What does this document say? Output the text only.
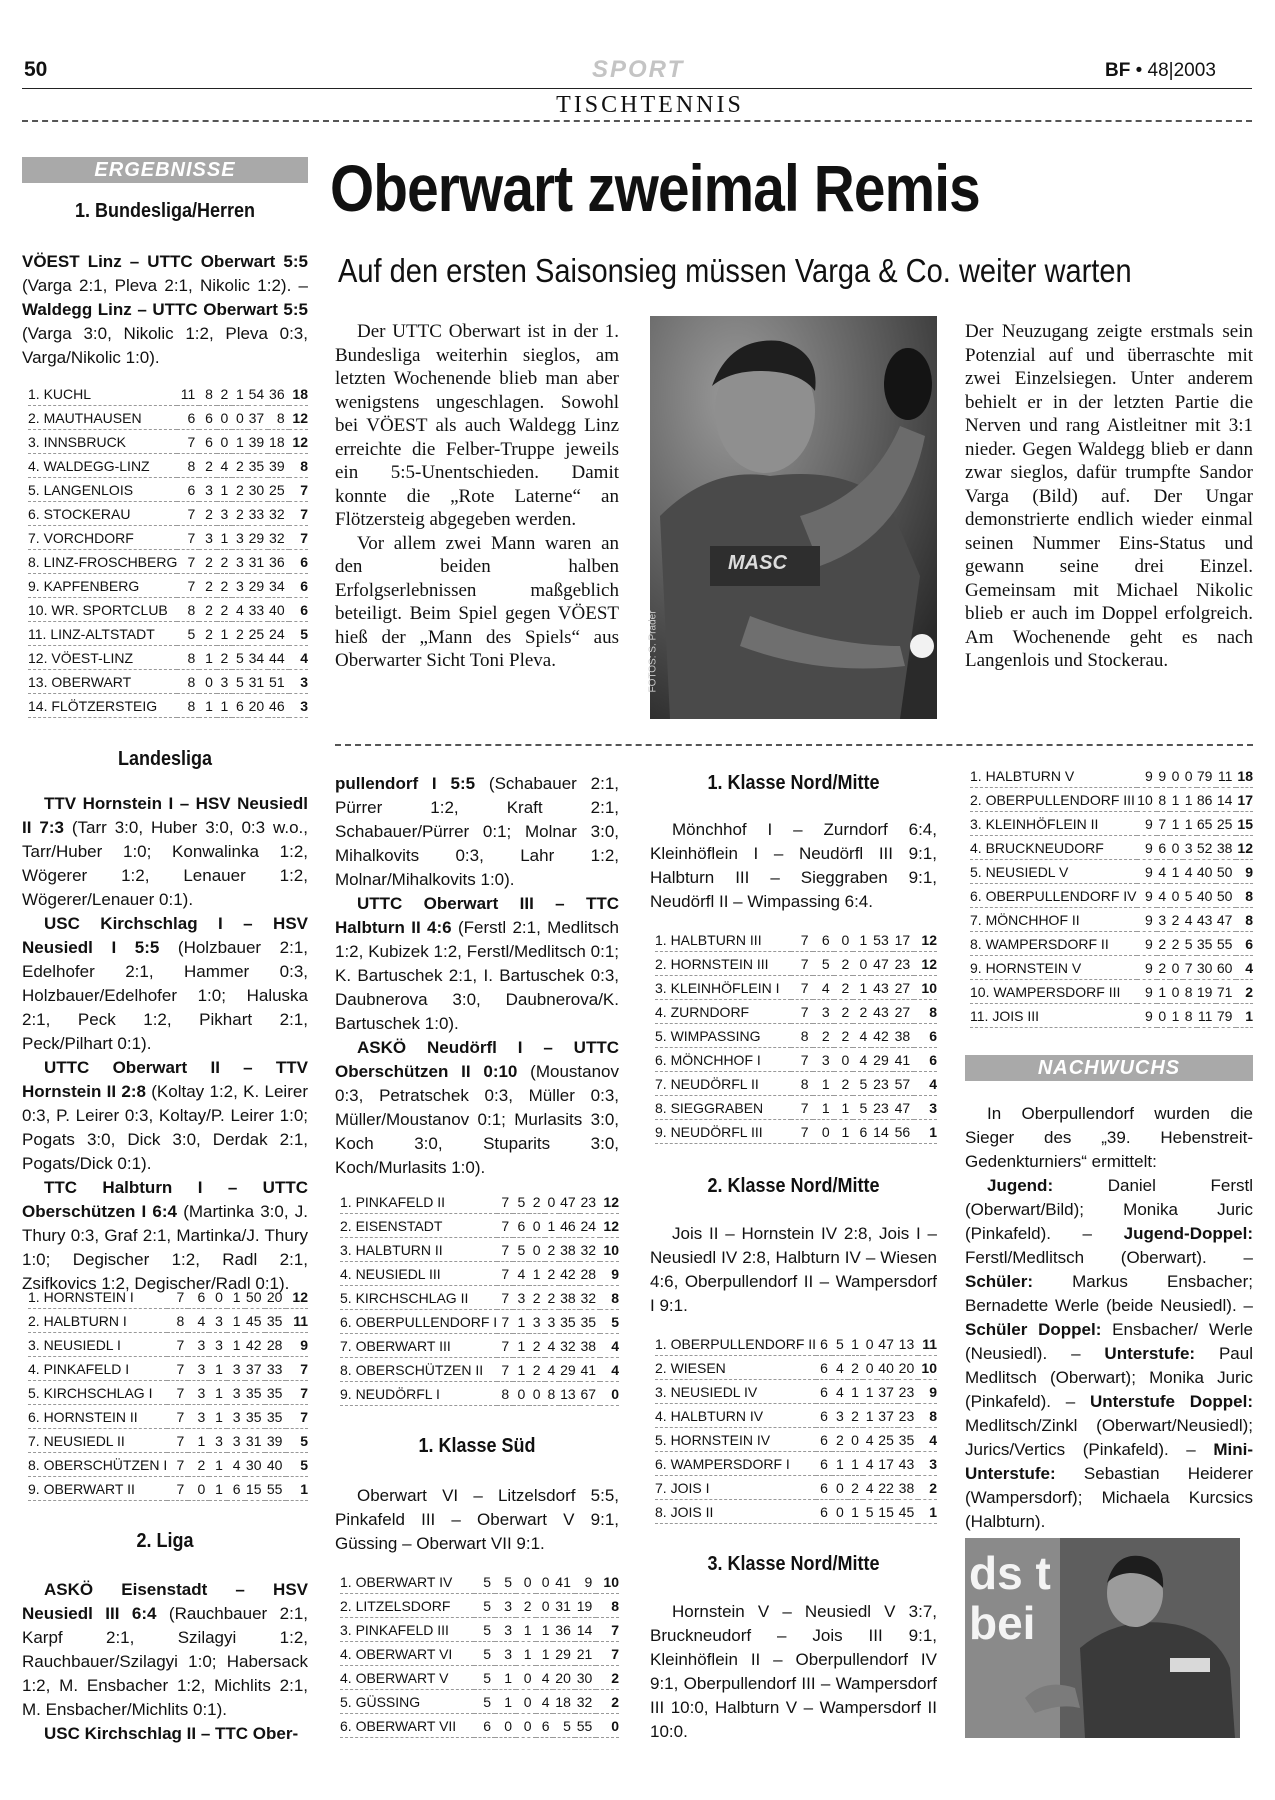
50	SPORT	BF • 48|2003
TISCHTENNIS
ERGEBNISSE
1. Bundesliga/Herren
VÖEST Linz – UTTC Oberwart 5:5 (Varga 2:1, Pleva 2:1, Nikolic 1:2). – Waldegg Linz – UTTC Oberwart 5:5 (Varga 3:0, Nikolic 1:2, Pleva 0:3, Varga/Nikolic 1:0).
1. KUCHL	11	8	2	1	54	36	18
2. MAUTHAUSEN	6	6	0	0	37	8	12
3. INNSBRUCK	7	6	0	1	39	18	12
4. WALDEGG-LINZ	8	2	4	2	35	39	8
5. LANGENLOIS	6	3	1	2	30	25	7
6. STOCKERAU	7	2	3	2	33	32	7
7. VORCHDORF	7	3	1	3	29	32	7
8. LINZ-FROSCHBERG	7	2	2	3	31	36	6
9. KAPFENBERG	7	2	2	3	29	34	6
10. WR. SPORTCLUB	8	2	2	4	33	40	6
11. LINZ-ALTSTADT	5	2	1	2	25	24	5
12. VÖEST-LINZ	8	1	2	5	34	44	4
13. OBERWART	8	0	3	5	31	51	3
14. FLÖTZERSTEIG	8	1	1	6	20	46	3
Landesliga
TTV Hornstein I – HSV Neusiedl II 7:3 (Tarr 3:0, Huber 3:0, 0:3 w.o., Tarr/Huber 1:0; Konwalinka 1:2, Wögerer 1:2, Lenauer 1:2, Wögerer/Lenauer 0:1).
USC Kirchschlag I – HSV Neusiedl I 5:5 (Holzbauer 2:1, Edelhofer 2:1, Hammer 0:3, Holzbauer/Edelhofer 1:0; Haluska 2:1, Peck 1:2, Pikhart 2:1, Peck/Pilhart 0:1).
UTTC Oberwart II – TTV Hornstein II 2:8 (Koltay 1:2, K. Leirer 0:3, P. Leirer 0:3, Koltay/P. Leirer 1:0; Pogats 3:0, Dick 3:0, Derdak 2:1, Pogats/Dick 0:1).
TTC Halbturn I – UTTC Oberschützen I 6:4 (Martinka 3:0, J. Thury 0:3, Graf 2:1, Martinka/J. Thury 1:0; Degischer 1:2, Radl 2:1, Zsifkovics 1:2, Degischer/Radl 0:1).
1. HORNSTEIN I	7	6	0	1	50	20	12
2. HALBTURN I	8	4	3	1	45	35	11
3. NEUSIEDL I	7	3	3	1	42	28	9
4. PINKAFELD I	7	3	1	3	37	33	7
5. KIRCHSCHLAG I	7	3	1	3	35	35	7
6. HORNSTEIN II	7	3	1	3	35	35	7
7. NEUSIEDL II	7	1	3	3	31	39	5
8. OBERSCHÜTZEN I	7	2	1	4	30	40	5
9. OBERWART II	7	0	1	6	15	55	1
2. Liga
ASKÖ Eisenstadt – HSV Neusiedl III 6:4 (Rauchbauer 2:1, Karpf 2:1, Szilagyi 1:2, Rauchbauer/Szilagyi 1:0; Habersack 1:2, M. Ensbacher 1:2, Michlits 2:1, M. Ensbacher/Michlits 0:1).
USC Kirchschlag II – TTC Ober-
Oberwart zweimal Remis
Auf den ersten Saisonsieg müssen Varga & Co. weiter warten
Der UTTC Oberwart ist in der 1. Bundesliga weiterhin sieglos, am letzten Wochenende blieb man aber wenigstens ungeschlagen. Sowohl bei VÖEST als auch Waldegg Linz erreichte die Felber-Truppe jeweils ein 5:5-Unentschieden. Damit konnte die „Rote Laterne“ an Flötzersteig abgegeben werden.
Vor allem zwei Mann waren an den beiden halben Erfolgserlebnissen maßgeblich beteiligt. Beim Spiel gegen VÖEST hieß der „Mann des Spiels“ aus Oberwarter Sicht Toni Pleva.
MASC
FOTOS: S. Prader
Der Neuzugang zeigte erstmals sein Potenzial auf und überraschte mit zwei Einzelsiegen. Unter anderem behielt er in der letzten Partie die Nerven und rang Aistleitner mit 3:1 nieder. Gegen Waldegg blieb er dann zwar sieglos, dafür trumpfte Sandor Varga (Bild) auf. Der Ungar demonstrierte endlich wieder einmal seinen Nummer Eins-Status und gewann seine drei Einzel. Gemeinsam mit Michael Nikolic blieb er auch im Doppel erfolgreich. Am Wochenende geht es nach Langenlois und Stockerau.
pullendorf I 5:5 (Schabauer 2:1, Pürrer 1:2, Kraft 2:1, Schabauer/Pürrer 0:1; Molnar 3:0, Mihalkovits 0:3, Lahr 1:2, Molnar/Mihalkovits 1:0).
UTTC Oberwart III – TTC Halbturn II 4:6 (Ferstl 2:1, Medlitsch 1:2, Kubizek 1:2, Ferstl/Medlitsch 0:1; K. Bartuschek 2:1, I. Bartuschek 0:3, Daubnerova 3:0, Daubnerova/K. Bartuschek 1:0).
ASKÖ Neudörfl I – UTTC Oberschützen II 0:10 (Moustanov 0:3, Petratschek 0:3, Müller 0:3, Müller/Moustanov 0:1; Murlasits 3:0, Koch 3:0, Stuparits 3:0, Koch/Murlasits 1:0).
1. PINKAFELD II	7	5	2	0	47	23	12
2. EISENSTADT	7	6	0	1	46	24	12
3. HALBTURN II	7	5	0	2	38	32	10
4. NEUSIEDL III	7	4	1	2	42	28	9
5. KIRCHSCHLAG II	7	3	2	2	38	32	8
6. OBERPULLENDORF I	7	1	3	3	35	35	5
7. OBERWART III	7	1	2	4	32	38	4
8. OBERSCHÜTZEN II	7	1	2	4	29	41	4
9. NEUDÖRFL I	8	0	0	8	13	67	0
1. Klasse Süd
Oberwart VI – Litzelsdorf 5:5, Pinkafeld III – Oberwart V 9:1, Güssing – Oberwart VII 9:1.
1. OBERWART IV	5	5	0	0	41	9	10
2. LITZELSDORF	5	3	2	0	31	19	8
3. PINKAFELD III	5	3	1	1	36	14	7
4. OBERWART VI	5	3	1	1	29	21	7
4. OBERWART V	5	1	0	4	20	30	2
5. GÜSSING	5	1	0	4	18	32	2
6. OBERWART VII	6	0	0	6	5	55	0
1. Klasse Nord/Mitte
Mönchhof I – Zurndorf 6:4, Kleinhöflein I – Neudörfl III 9:1, Halbturn III – Sieggraben 9:1, Neudörfl II – Wimpassing 6:4.
1. HALBTURN III	7	6	0	1	53	17	12
2. HORNSTEIN III	7	5	2	0	47	23	12
3. KLEINHÖFLEIN I	7	4	2	1	43	27	10
4. ZURNDORF	7	3	2	2	43	27	8
5. WIMPASSING	8	2	2	4	42	38	6
6. MÖNCHHOF I	7	3	0	4	29	41	6
7. NEUDÖRFL II	8	1	2	5	23	57	4
8. SIEGGRABEN	7	1	1	5	23	47	3
9. NEUDÖRFL III	7	0	1	6	14	56	1
2. Klasse Nord/Mitte
Jois II – Hornstein IV 2:8, Jois I – Neusiedl IV 2:8, Halbturn IV – Wiesen 4:6, Oberpullendorf II – Wampersdorf I 9:1.
1. OBERPULLENDORF II	6	5	1	0	47	13	11
2. WIESEN	6	4	2	0	40	20	10
3. NEUSIEDL IV	6	4	1	1	37	23	9
4. HALBTURN IV	6	3	2	1	37	23	8
5. HORNSTEIN IV	6	2	0	4	25	35	4
6. WAMPERSDORF I	6	1	1	4	17	43	3
7. JOIS I	6	0	2	4	22	38	2
8. JOIS II	6	0	1	5	15	45	1
3. Klasse Nord/Mitte
Hornstein V – Neusiedl V 3:7, Bruckneudorf – Jois III 9:1, Kleinhöflein II – Oberpullendorf IV 9:1, Oberpullendorf III – Wampersdorf III 10:0, Halbturn V – Wampersdorf II 10:0.
1. HALBTURN V	9	9	0	0	79	11	18
2. OBERPULLENDORF III	10	8	1	1	86	14	17
3. KLEINHÖFLEIN II	9	7	1	1	65	25	15
4. BRUCKNEUDORF	9	6	0	3	52	38	12
5. NEUSIEDL V	9	4	1	4	40	50	9
6. OBERPULLENDORF IV	9	4	0	5	40	50	8
7. MÖNCHHOF II	9	3	2	4	43	47	8
8. WAMPERSDORF II	9	2	2	5	35	55	6
9. HORNSTEIN V	9	2	0	7	30	60	4
10. WAMPERSDORF III	9	1	0	8	19	71	2
11. JOIS III	9	0	1	8	11	79	1
NACHWUCHS
In Oberpullendorf wurden die Sieger des „39. Hebenstreit-Gedenkturniers“ ermittelt:
Jugend: Daniel Ferstl (Oberwart/Bild); Monika Juric (Pinkafeld). – Jugend-Doppel: Ferstl/Medlitsch (Oberwart). – Schüler: Markus Ensbacher; Bernadette Werle (beide Neusiedl). – Schüler Doppel: Ensbacher/ Werle (Neusiedl). – Unterstufe: Paul Medlitsch (Oberwart); Monika Juric (Pinkafeld). – Unterstufe Doppel: Medlitsch/Zinkl (Oberwart/Neusiedl); Jurics/Vertics (Pinkafeld). – Mini-Unterstufe: Sebastian Heiderer (Wampersdorf); Michaela Kurcsics (Halbturn).
ds t bei
